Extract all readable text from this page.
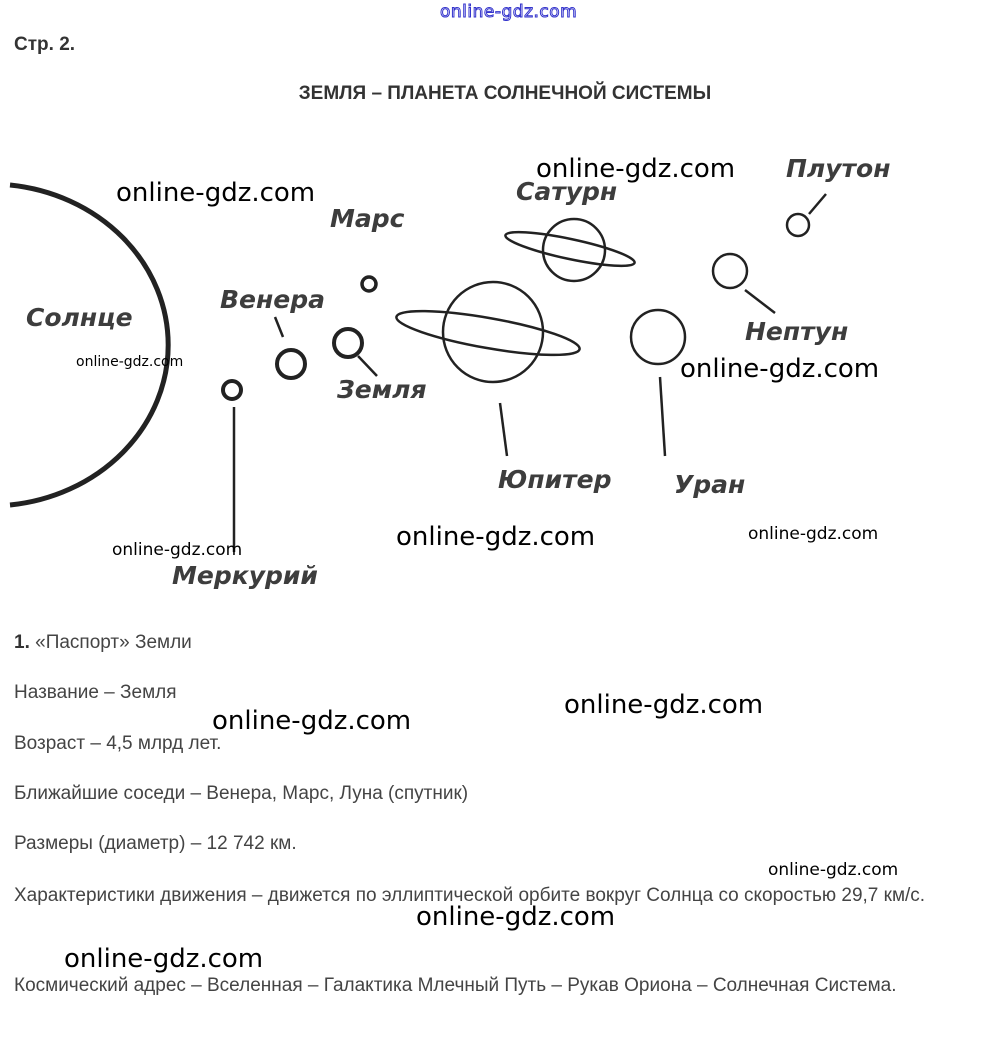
online-gdz.com
Стр. 2.
ЗЕМЛЯ – ПЛАНЕТА СОЛНЕЧНОЙ СИСТЕМЫ
Солнце
Меркурий
Венера
Земля
Марс
Юпитер
Сатурн
Уран
Нептун
Плутон
online-gdz.com
online-gdz.com
online-gdz.com	online-gdz.com
online-gdz.com	online-gdz.com
online-gdz.com
1. «Паспорт» Земли
Название – Земля
Возраст – 4,5 млрд лет.
Ближайшие соседи – Венера, Марс, Луна (спутник)
Размеры (диаметр) – 12 742 км.
Характеристики движения – движется по эллиптической орбите вокруг Солнца со скоростью 29,7 км/с.
Космический адрес – Вселенная – Галактика Млечный Путь – Рукав Ориона – Солнечная Система.
online-gdz.com
online-gdz.com
online-gdz.com
online-gdz.com
online-gdz.com
